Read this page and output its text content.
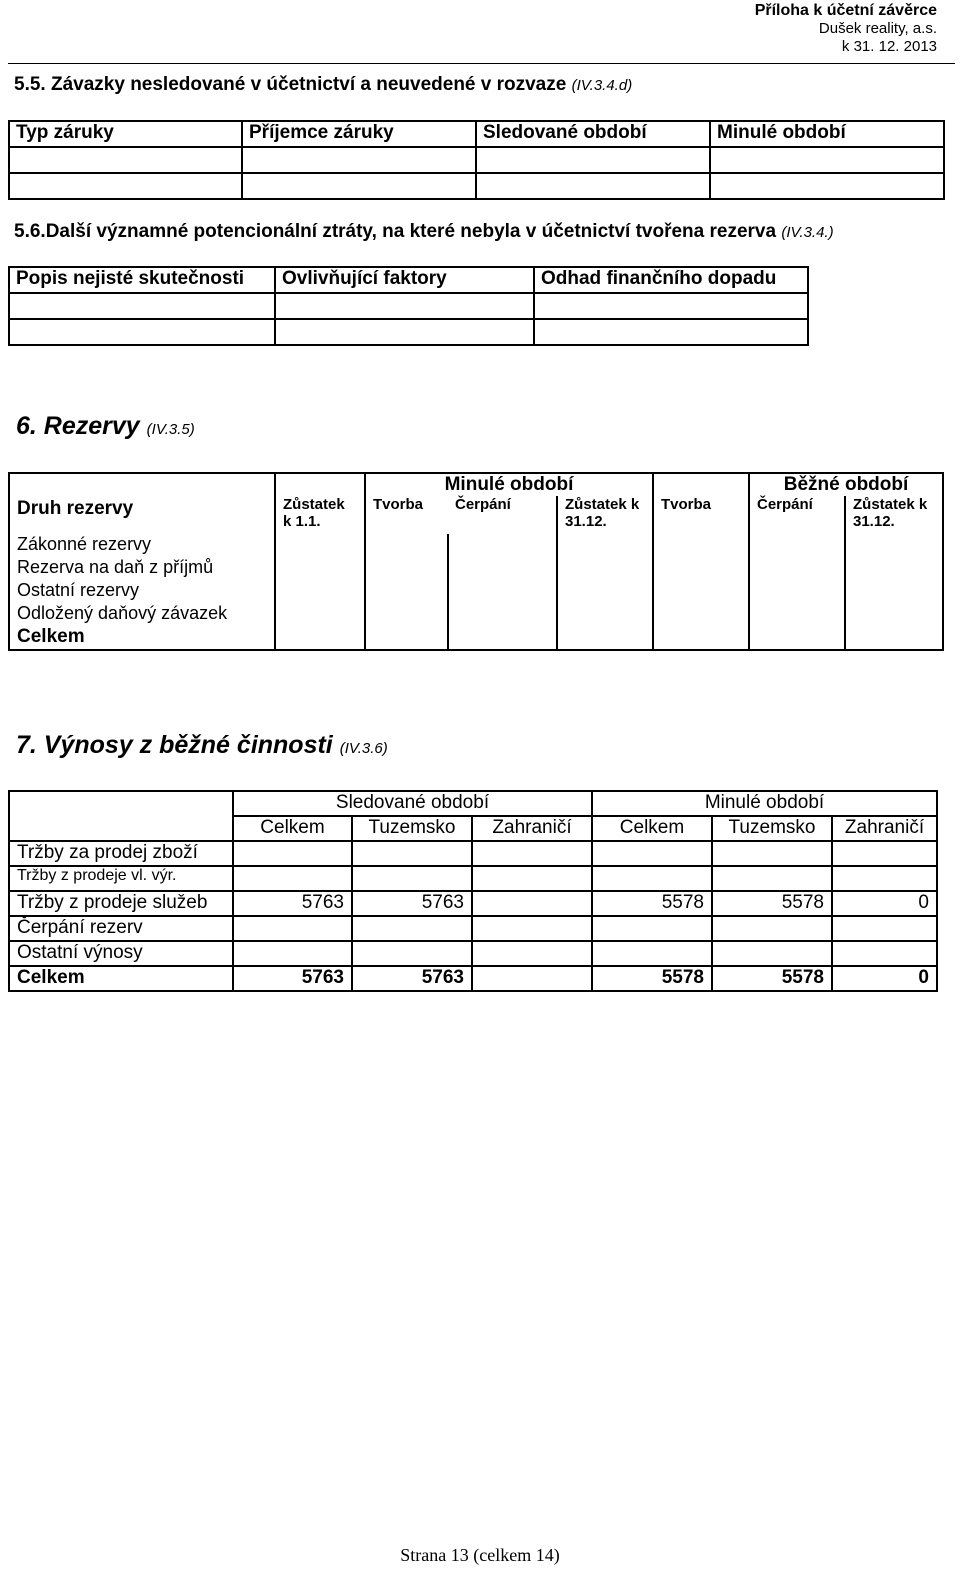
Příloha k účetní závěrce
Dušek reality, a.s.
k 31. 12. 2013
5.5. Závazky nesledované v účetnictví a neuvedené v rozvaze (IV.3.4.d)
Typ záruky	Příjemce záruky	Sledované období	Minulé období

5.6.Další významné potencionální ztráty, na které nebyla v účetnictví tvořena rezerva (IV.3.4.)
Popis nejisté skutečnosti	Ovlivňující faktory	Odhad finančního dopadu

6. Rezervy (IV.3.5)
		Minulé období				Běžné období	
Druh rezervy	Zůstatek k 1.1.	Tvorba	Čerpání	Zůstatek k 31.12.	Tvorba	Čerpání	Zůstatek k 31.12.
Zákonné rezervy							
Rezerva na daň z příjmů							
Ostatní rezervy							
Odložený daňový závazek							
Celkem							
7. Výnosy z běžné činnosti (IV.3.6)
	Sledované období			Minulé období		
	Celkem	Tuzemsko	Zahraničí	Celkem	Tuzemsko	Zahraničí
Tržby za prodej zboží						
Tržby z prodeje vl. výr.						
Tržby z prodeje služeb	5763	5763		5578	5578	0
Čerpání rezerv						
Ostatní výnosy						
Celkem	5763	5763		5578	5578	0
Strana 13 (celkem 14)
